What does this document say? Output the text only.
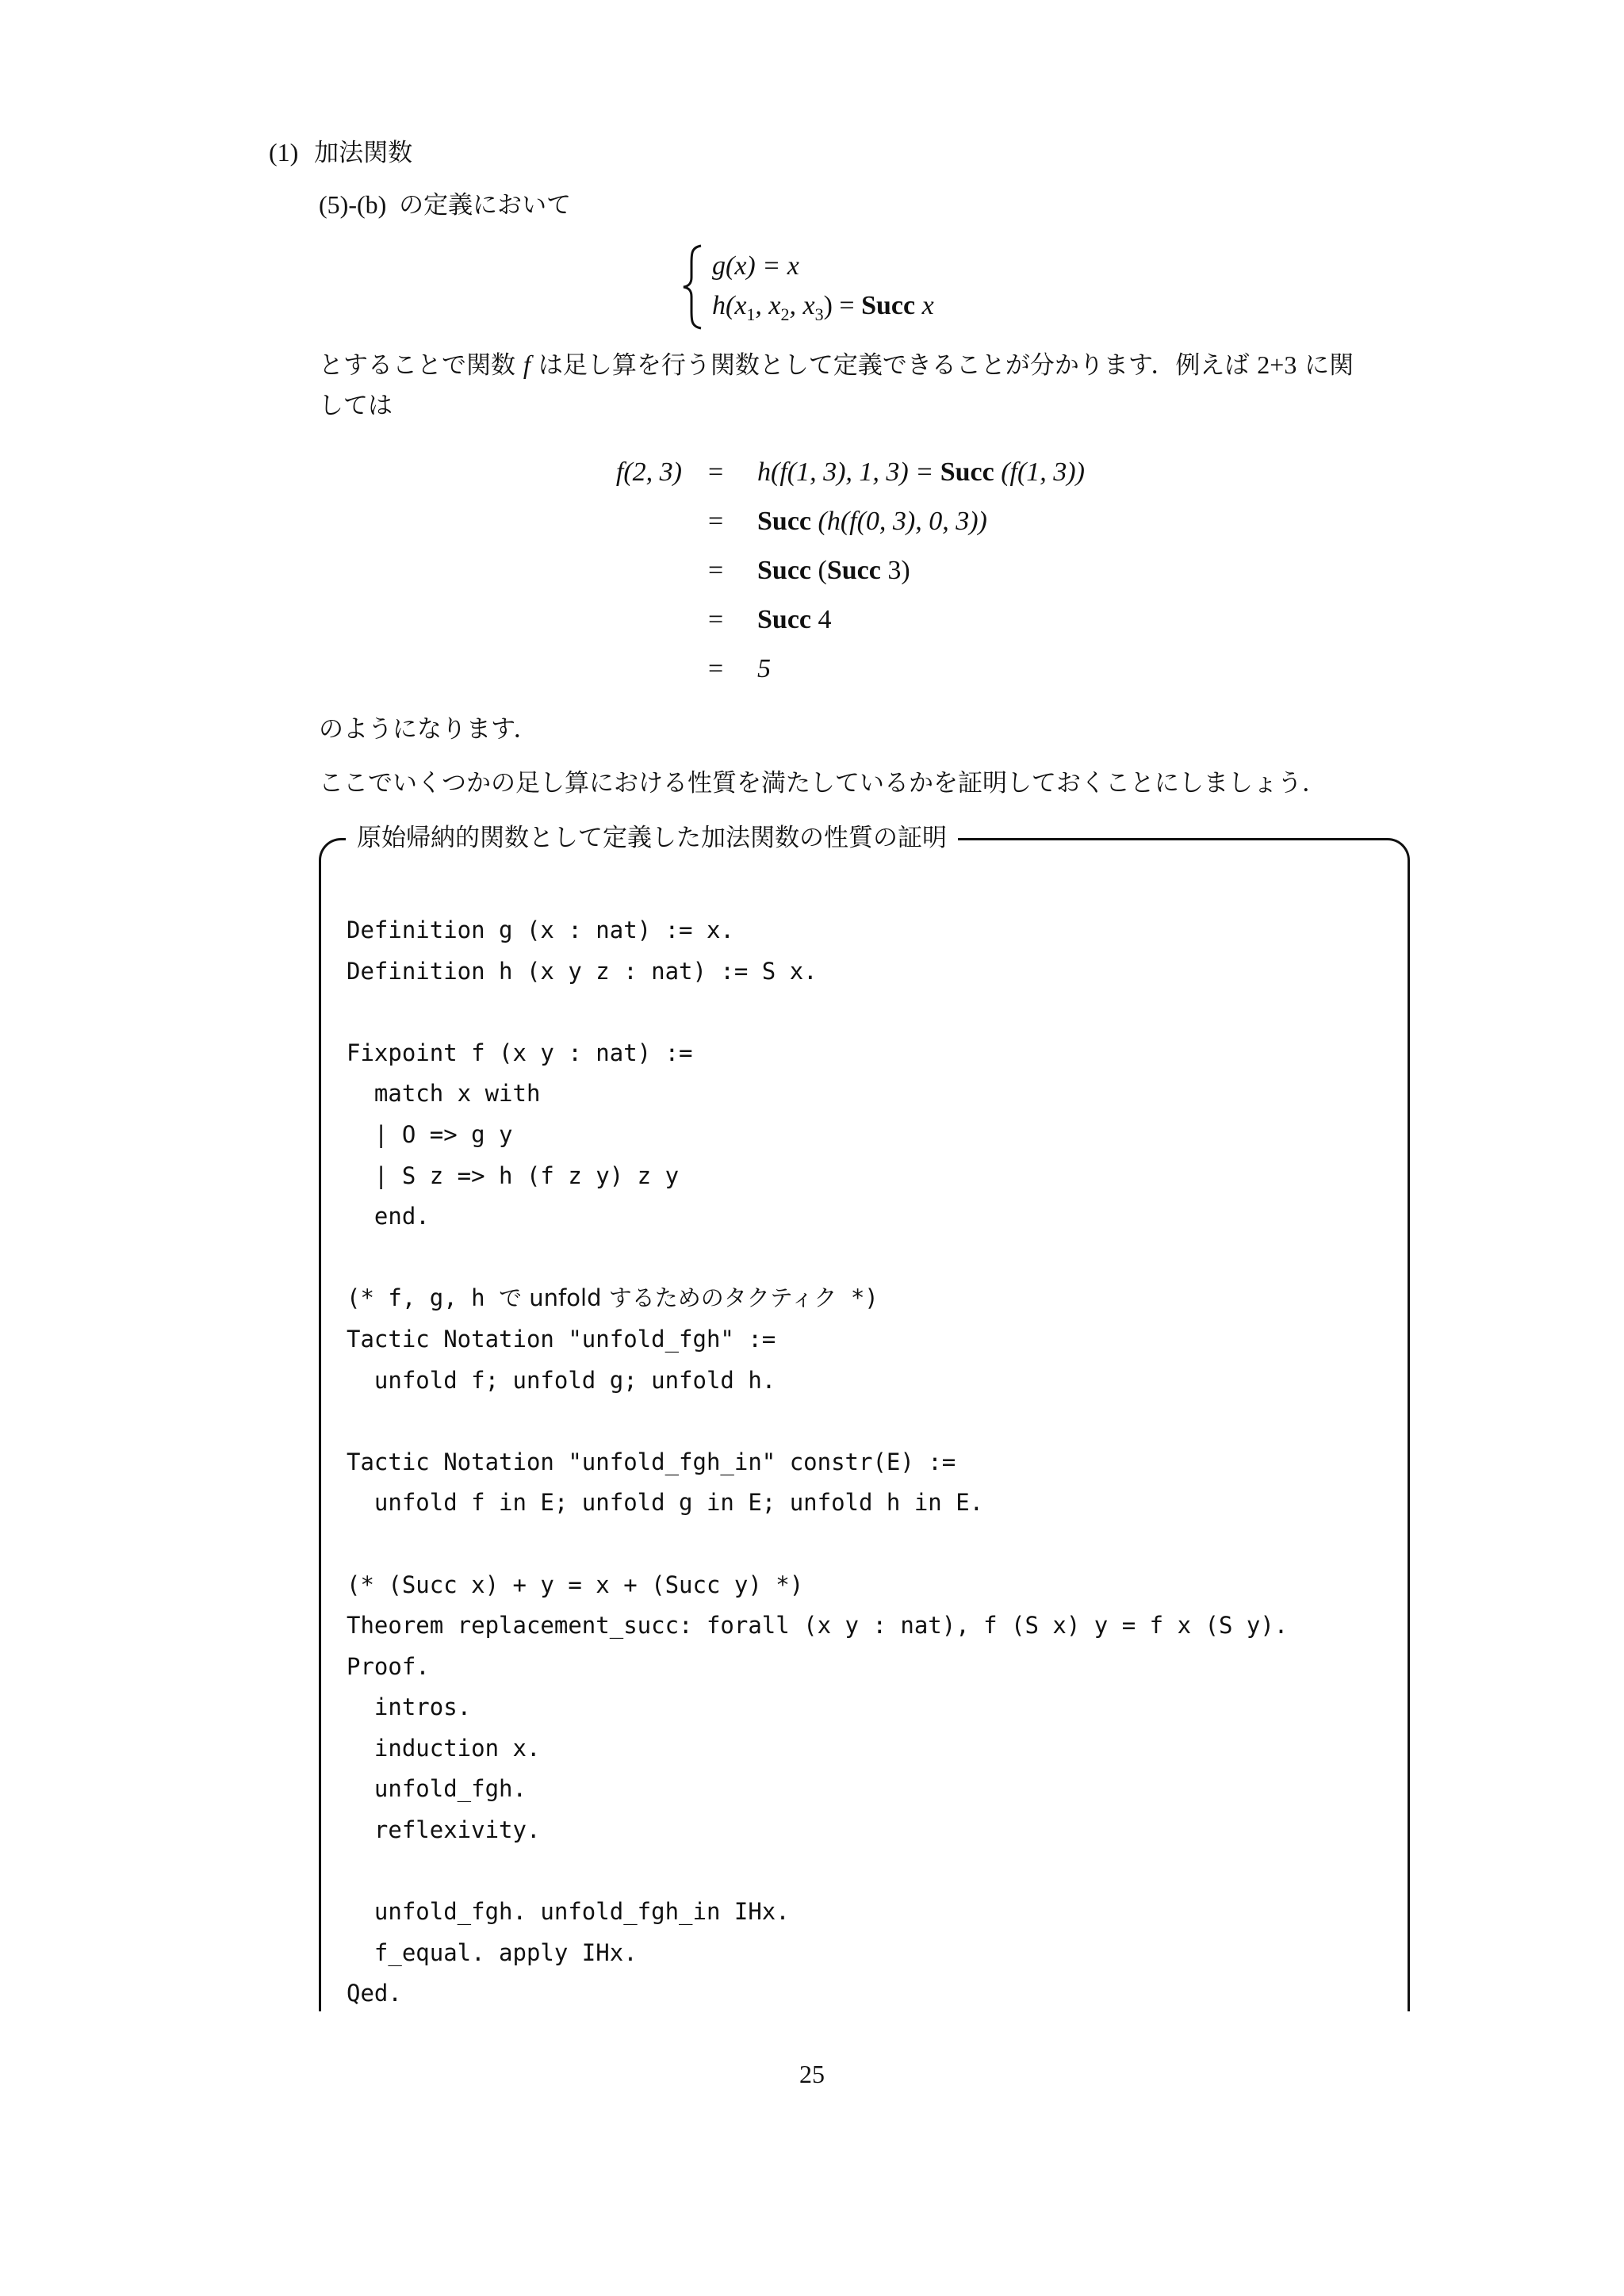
(1) 加法関数
(5)-(b) の定義において
g(x) = x
$h(x_1$, $x_2$, $x_3$) = Succ x
とすることで関数 f は足し算を行う関数として定義できることが分かります．例えば 2+3 に関
しては
f(2, 3) = h(f(1, 3), 1, 3) = Succ (f(1, 3))
= Succ (h(f(0, 3), 0, 3))
= Succ (Succ 3)
= Succ 4
= 5
のようになります．
ここでいくつかの足し算における性質を満たしているかを証明しておくことにしましょう．
原始帰納的関数として定義した加法関数の性質の証明
Definition g (x : nat) := x.
Definition h (x y z : nat) := S x.
Fixpoint f (x y : nat) :=
match x with
| O => g y
| S z => h (f z y) z y
end.
(* f, g, h で unfold するためのタクティク *)
Tactic Notation "unfold_fgh" :=
unfold f; unfold g; unfold h.
Tactic Notation "unfold_fgh_in" constr(E) :=
unfold f in E; unfold g in E; unfold h in E.
(* (Succ x) + y = x + (Succ y) *)
Theorem replacement_succ: forall (x y : nat), f (S x) y = f x (S y).
Proof.
intros.
induction x.
unfold_fgh.
reflexivity.
unfold_fgh. unfold_fgh_in IHx.
f_equal. apply IHx.
Qed.
25
